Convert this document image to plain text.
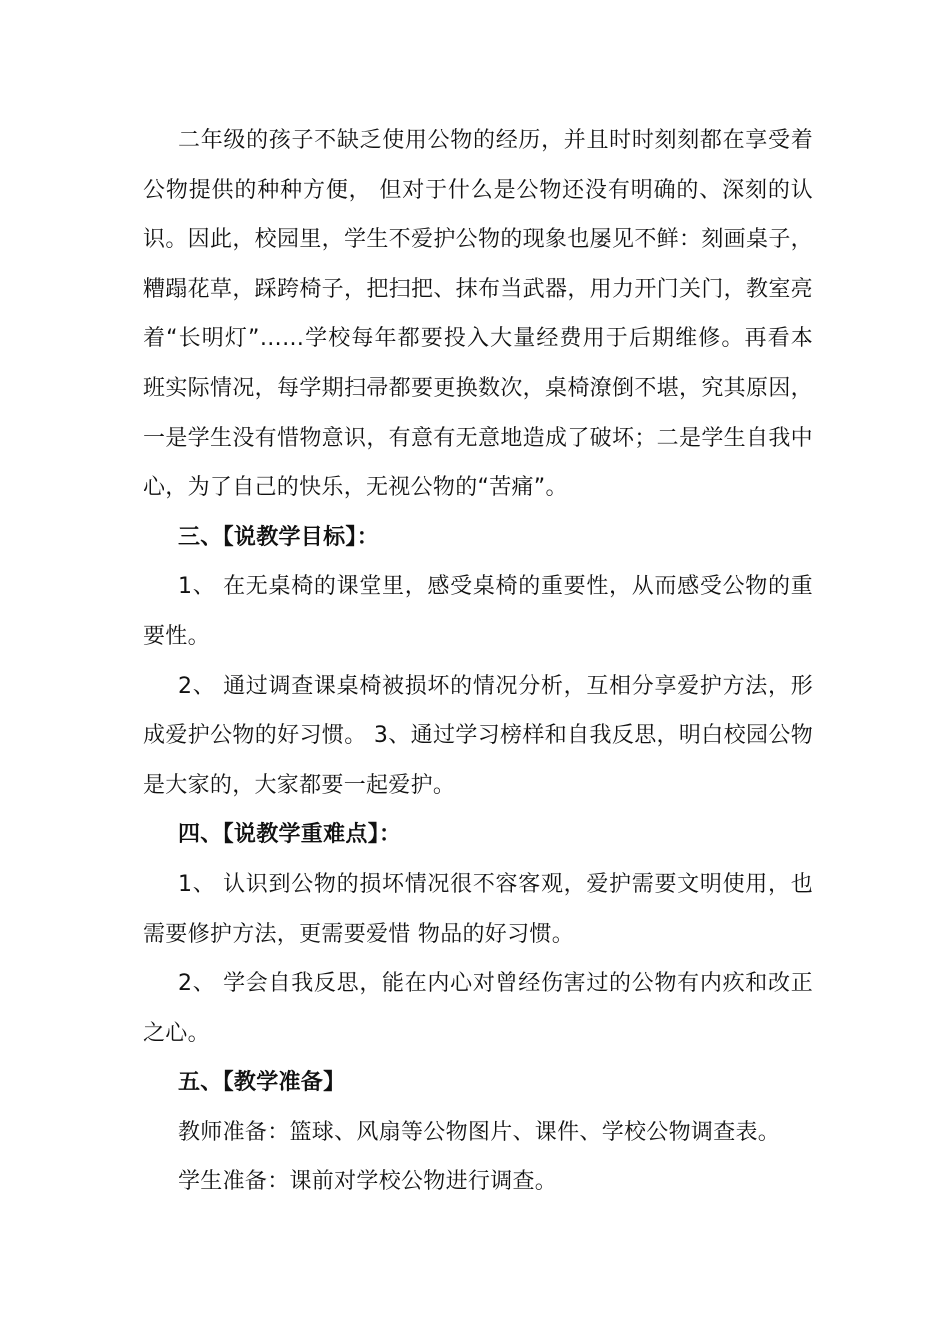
二年级的孩子不缺乏使用公物的经历，并且时时刻刻都在享受着公物提供的种种方便， 但对于什么是公物还没有明确的、深刻的认识。因此，校园里，学生不爱护公物的现象也屡见不鲜：刻画桌子，糟蹋花草，踩跨椅子，把扫把、抹布当武器，用力开门关门，教室亮着“长明灯”……学校每年都要投入大量经费用于后期维修。再看本班实际情况，每学期扫帚都要更换数次，桌椅潦倒不堪，究其原因，一是学生没有惜物意识，有意有无意地造成了破坏；二是学生自我中心，为了自己的快乐，无视公物的“苦痛”。

三、【说教学目标】：

1、 在无桌椅的课堂里，感受桌椅的重要性，从而感受公物的重要性。

2、 通过调查课桌椅被损坏的情况分析，互相分享爱护方法，形成爱护公物的好习惯。 3、通过学习榜样和自我反思，明白校园公物是大家的，大家都要一起爱护。

四、【说教学重难点】：

1、 认识到公物的损坏情况很不容客观，爱护需要文明使用，也需要修护方法，更需要爱惜 物品的好习惯。

2、 学会自我反思，能在内心对曾经伤害过的公物有内疚和改正之心。

五、【教学准备】

教师准备：篮球、风扇等公物图片、课件、学校公物调查表。

学生准备：课前对学校公物进行调查。
